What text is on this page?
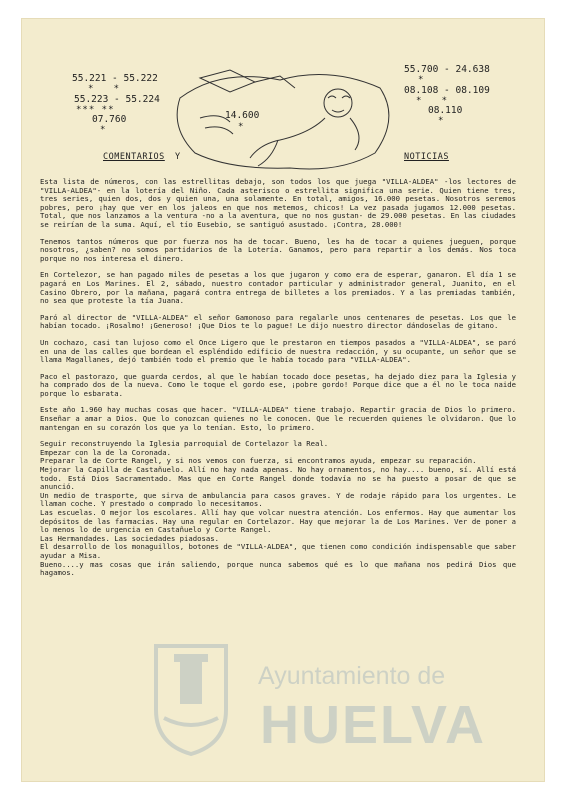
55.221 - 55.222
*   *
55.223 - 55.224
*** **
07.760
*
14.600
*
55.700 - 24.638
*
08.108 - 08.109
*   *
08.110
*
COMENTARIOS Y	NOTICIAS

Esta lista de números, con las estrellitas debajo, son todos los que juega "VILLA-ALDEA" -los lectores de "VILLA-ALDEA"- en la lotería del Niño. Cada asterisco o estrellita significa una serie. Quien tiene tres, tres series, quien dos, dos y quien una, una solamente. En total, amigos, 16.000 pesetas. Nosotros seremos pobres, pero ¡hay que ver en los jaleos en que nos metemos, chicos! La vez pasada jugamos 12.000 pesetas. Total, que nos lanzamos a la ventura -no a la aventura, que no nos gustan- de 29.000 pesetas. En las ciudades se reirían de la suma. Aquí, el tío Eusebio, se santiguó asustado. ¡Contra, 28.000!

Tenemos tantos números que por fuerza nos ha de tocar. Bueno, les ha de tocar a quienes jueguen, porque nosotros, ¿saben? no somos partidarios de la Lotería. Ganamos, pero para repartir a los demás. Nos toca porque no nos interesa el dinero.

En Cortelezor, se han pagado miles de pesetas a los que jugaron y como era de esperar, ganaron. El día 1 se pagará en Los Marines. El 2, sábado, nuestro contador particular y administrador general, Juanito, en el Casino Obrero, por la mañana, pagará contra entrega de billetes a los premiados. Y a las premiadas también, no sea que proteste la tía Juana.

Paró al director de "VILLA-ALDEA" el señor Gamonoso para regalarle unos centenares de pesetas. Los que le habían tocado. ¡Rosalmo! ¡Generoso! ¡Que Dios te lo pague! Le dijo nuestro director dándoselas de gitano.

Un cochazo, casi tan lujoso como el Once Ligero que le prestaron en tiempos pasados a "VILLA-ALDEA", se paró en una de las calles que bordean el espléndido edificio de nuestra redacción, y su ocupante, un señor que se llama Magallanes, dejó también todo el premio que le había tocado para "VILLA-ALDEA".

Paco el pastorazo, que guarda cerdos, al que le habían tocado doce pesetas, ha dejado diez para la Iglesia y ha comprado dos de la nueva. Como le toque el gordo ese, ¡pobre gordo! Porque dice que a él no le toca naide porque lo esbarata.

Este año 1.960 hay muchas cosas que hacer. "VILLA-ALDEA" tiene trabajo. Repartir gracia de Dios lo primero. Enseñar a amar a Dios. Que lo conozcan quienes no le conocen. Que le recuerden quienes le olvidaron. Que lo mantengan en su corazón los que ya lo tenían. Esto, lo primero.

Seguir reconstruyendo la Iglesia parroquial de Cortelazor la Real.
Empezar con la de la Coronada.
Preparar la de Corte Rangel, y si nos vemos con fuerza, si encontramos ayuda, empezar su reparación.
Mejorar la Capilla de Castañuelo. Allí no hay nada apenas. No hay ornamentos, no hay.... bueno, sí. Allí está todo. Está Dios Sacramentado. Mas que en Corte Rangel donde todavía no se ha puesto a posar de que se anunció.
Un medio de trasporte, que sirva de ambulancia para casos graves. Y de rodaje rápido para los urgentes. Le llaman coche. Y prestado o comprado lo necesitamos.
Las escuelas. O mejor los escolares. Allí hay que volcar nuestra atención. Los enfermos. Hay que aumentar los depósitos de las farmacias. Hay una regular en Cortelazor. Hay que mejorar la de Los Marines. Ver de poner a lo menos lo de urgencia en Castañuelo y Corte Rangel.
Las Hermandades. Las sociedades piadosas.
El desarrollo de los monaguillos, botones de "VILLA-ALDEA", que tienen como condición indispensable que saber ayudar a Misa.
Bueno....y mas cosas que irán saliendo, porque nunca sabemos qué es lo que mañana nos pedirá Dios que hagamos.

Ayuntamiento de
HUELVA
